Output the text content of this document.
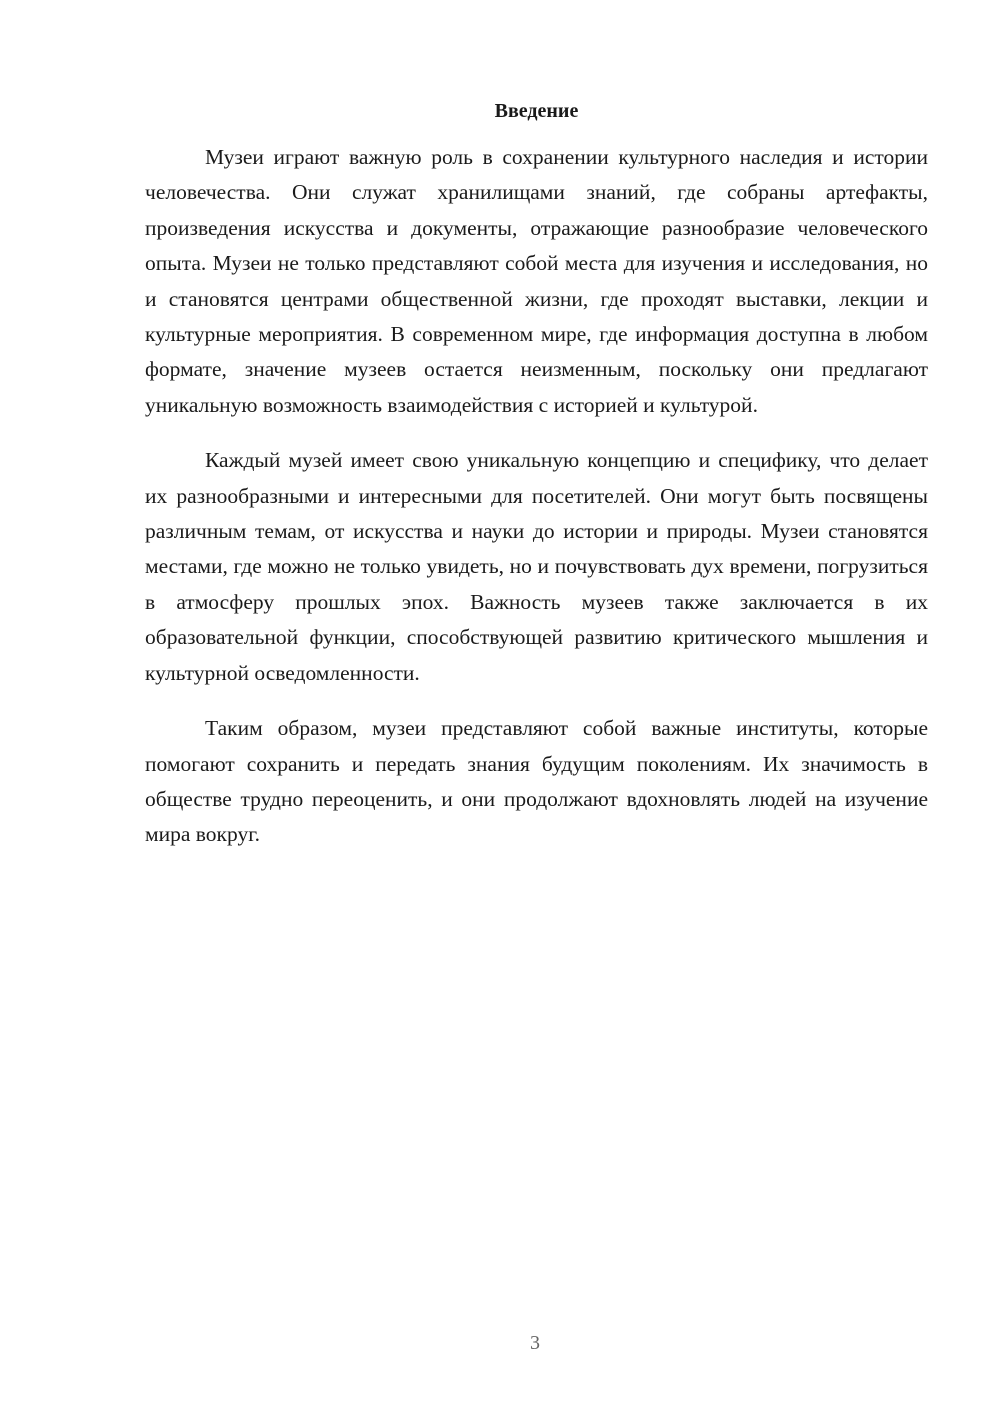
Введение

Музеи играют важную роль в сохранении культурного наследия и истории человечества. Они служат хранилищами знаний, где собраны артефакты, произведения искусства и документы, отражающие разнообразие человеческого опыта. Музеи не только представляют собой места для изучения и исследования, но и становятся центрами общественной жизни, где проходят выставки, лекции и культурные мероприятия. В современном мире, где информация доступна в любом формате, значение музеев остается неизменным, поскольку они предлагают уникальную возможность взаимодействия с историей и культурой.

Каждый музей имеет свою уникальную концепцию и специфику, что делает их разнообразными и интересными для посетителей. Они могут быть посвящены различным темам, от искусства и науки до истории и природы. Музеи становятся местами, где можно не только увидеть, но и почувствовать дух времени, погрузиться в атмосферу прошлых эпох. Важность музеев также заключается в их образовательной функции, способствующей развитию критического мышления и культурной осведомленности.

Таким образом, музеи представляют собой важные институты, которые помогают сохранить и передать знания будущим поколениям. Их значимость в обществе трудно переоценить, и они продолжают вдохновлять людей на изучение мира вокруг.

3
